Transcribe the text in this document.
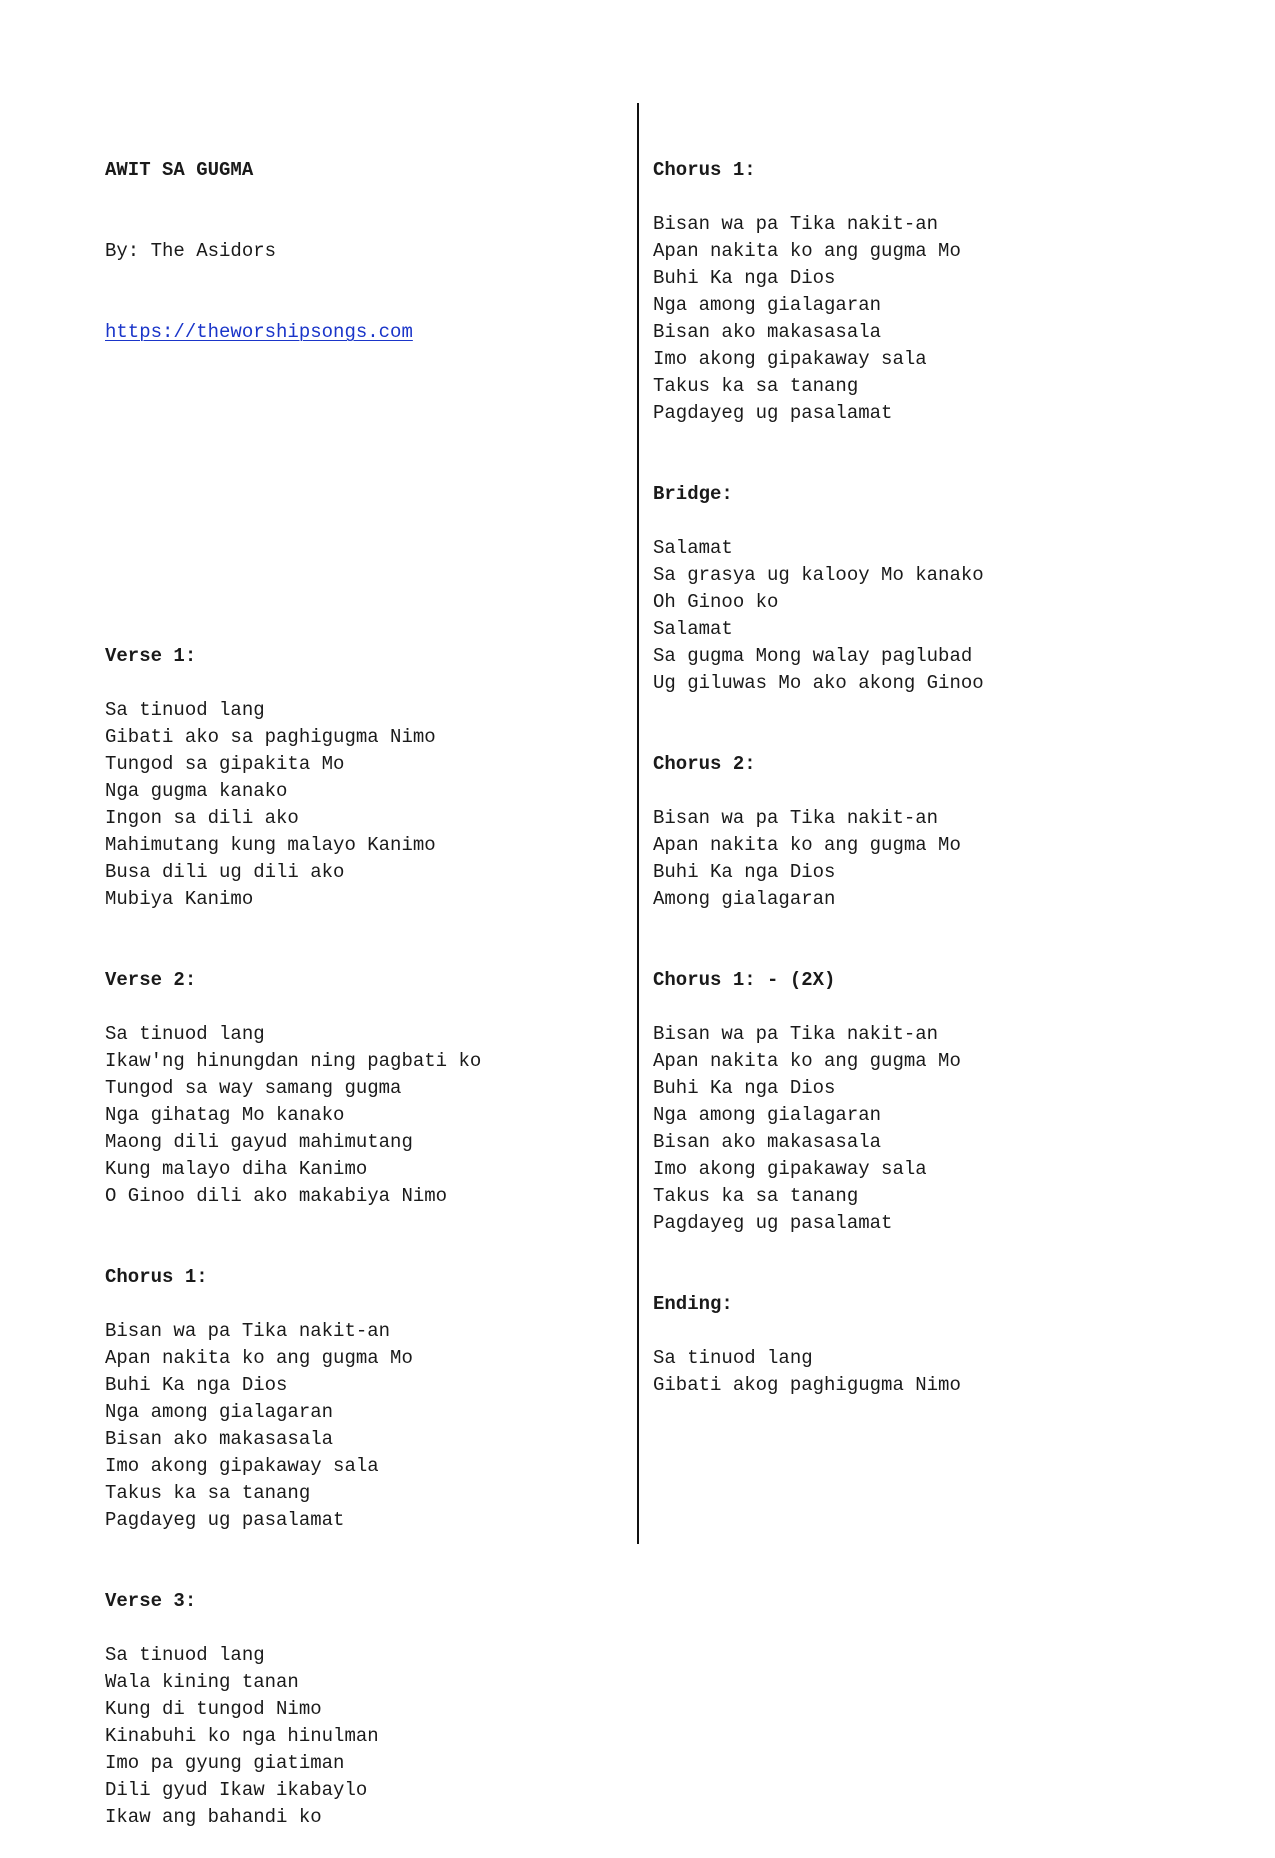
AWIT SA GUGMA

By: The Asidors

https://theworshipsongs.com

Verse 1:
Sa tinuod lang
Gibati ako sa paghigugma Nimo
Tungod sa gipakita Mo
Nga gugma kanako
Ingon sa dili ako
Mahimutang kung malayo Kanimo
Busa dili ug dili ako
Mubiya Kanimo
Verse 2:
Sa tinuod lang
Ikaw'ng hinungdan ning pagbati ko
Tungod sa way samang gugma
Nga gihatag Mo kanako
Maong dili gayud mahimutang
Kung malayo diha Kanimo
O Ginoo dili ako makabiya Nimo
Chorus 1:
Bisan wa pa Tika nakit-an
Apan nakita ko ang gugma Mo
Buhi Ka nga Dios
Nga among gialagaran
Bisan ako makasasala
Imo akong gipakaway sala
Takus ka sa tanang
Pagdayeg ug pasalamat
Verse 3:
Sa tinuod lang
Wala kining tanan
Kung di tungod Nimo
Kinabuhi ko nga hinulman
Imo pa gyung giatiman
Dili gyud Ikaw ikabaylo
Ikaw ang bahandi ko

Chorus 1:
Bisan wa pa Tika nakit-an
Apan nakita ko ang gugma Mo
Buhi Ka nga Dios
Nga among gialagaran
Bisan ako makasasala
Imo akong gipakaway sala
Takus ka sa tanang
Pagdayeg ug pasalamat
Bridge:
Salamat
Sa grasya ug kalooy Mo kanako
Oh Ginoo ko
Salamat
Sa gugma Mong walay paglubad
Ug giluwas Mo ako akong Ginoo
Chorus 2:
Bisan wa pa Tika nakit-an
Apan nakita ko ang gugma Mo
Buhi Ka nga Dios
Among gialagaran
Chorus 1: - (2X)
Bisan wa pa Tika nakit-an
Apan nakita ko ang gugma Mo
Buhi Ka nga Dios
Nga among gialagaran
Bisan ako makasasala
Imo akong gipakaway sala
Takus ka sa tanang
Pagdayeg ug pasalamat
Ending:
Sa tinuod lang
Gibati akog paghigugma Nimo
